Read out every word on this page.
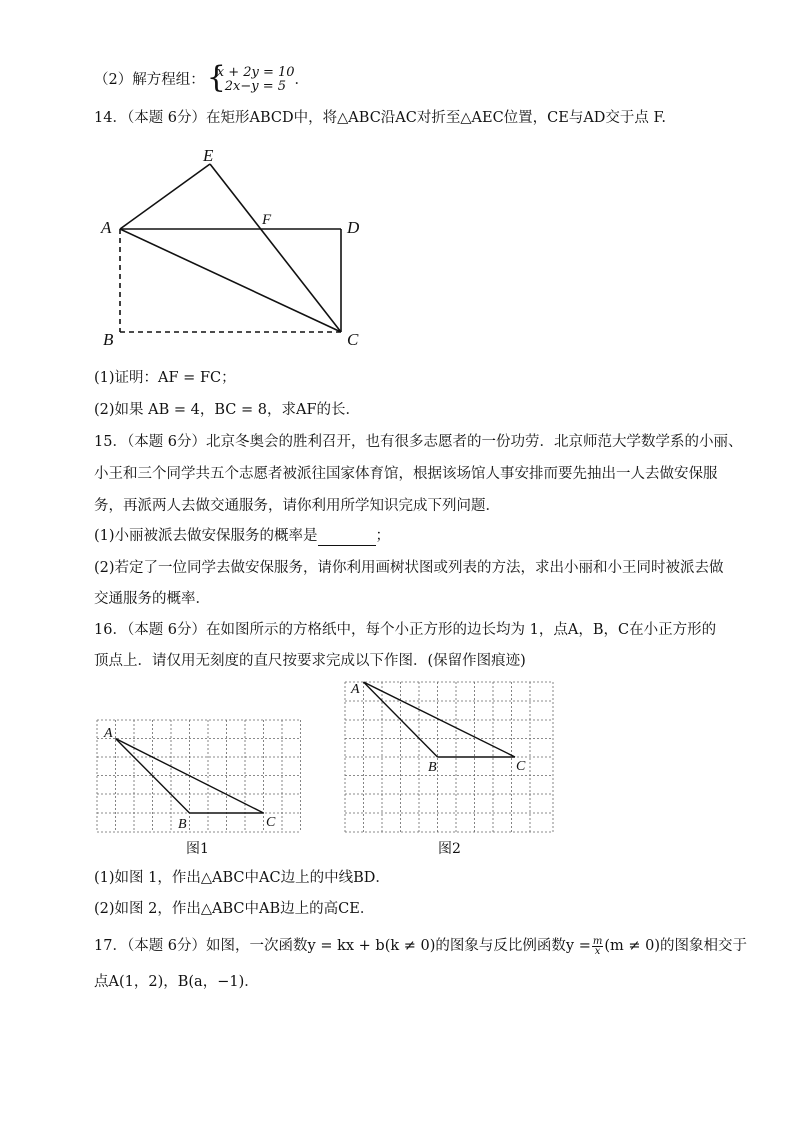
（2）解方程组： {
x + 2y = 10
2x−y = 5 ．
14．（本题 6分）在矩形ABCD中，将△ABC沿AC对折至△AEC位置，CE与AD交于点 F.
E
A	F	D
B	C
(1)证明：AF = FC；
(2)如果 AB = 4，BC = 8，求AF的长．
15．（本题 6分）北京冬奥会的胜利召开，也有很多志愿者的一份功劳．北京师范大学数学系的小丽、
小王和三个同学共五个志愿者被派往国家体育馆，根据该场馆人事安排而要先抽出一人去做安保服
务，再派两人去做交通服务，请你利用所学知识完成下列问题．
(1)小丽被派去做安保服务的概率是	；
(2)若定了一位同学去做安保服务，请你利用画树状图或列表的方法，求出小丽和小王同时被派去做
交通服务的概率．
16．（本题 6分）在如图所示的方格纸中，每个小正方形的边长均为 1，点A，B，C在小正方形的
顶点上．请仅用无刻度的直尺按要求完成以下作图．(保留作图痕迹)
A
B	C
A
B	C
图1	图2
(1)如图 1，作出△ABC中AC边上的中线BD．
(2)如图 2，作出△ABC中AB边上的高CE．
17．（本题 6分）如图，一次函数y = kx + b(k ≠ 0)的图象与反比例函数$y = \frac{m}{x} (m \ne 0)$的图象相交于
点A(1，2)，B(a，−1)．
